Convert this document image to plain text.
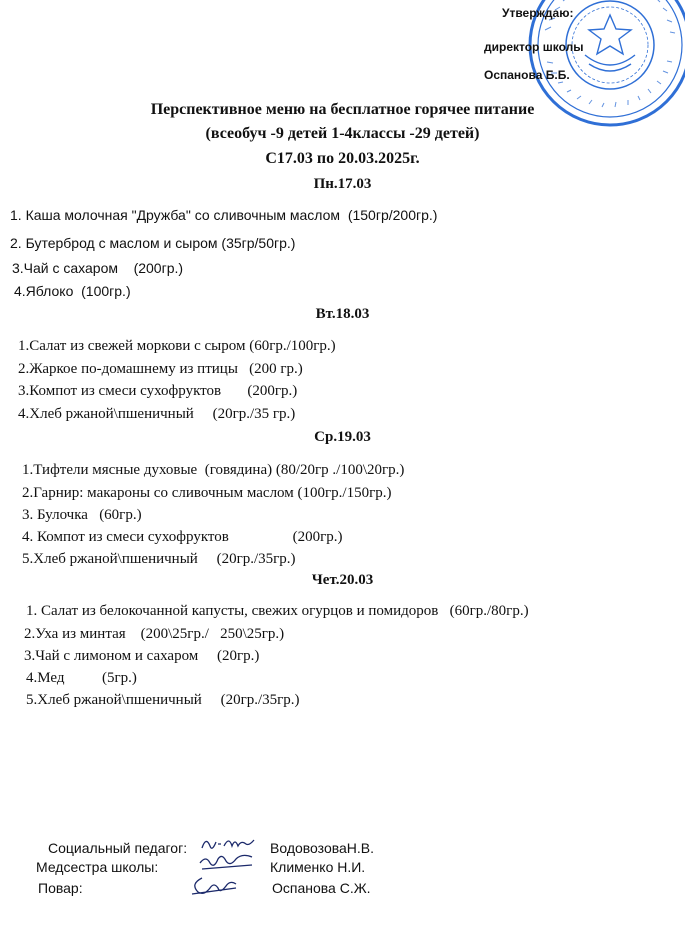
Утверждаю:
директор школы
Оспанова Б.Б.
Перспективное меню на бесплатное горячее питание
(всеобуч -9 детей 1-4классы -29 детей)
С17.03 по 20.03.2025г.
Пн.17.03
1. Каша молочная "Дружба" со сливочным маслом  (150гр/200гр.)
2. Бутерброд с маслом и сыром (35гр/50гр.)
3.Чай с сахаром    (200гр.)
4.Яблоко  (100гр.)
Вт.18.03
1.Салат из свежей моркови с сыром (60гр./100гр.)
2.Жаркое по-домашнему из птицы   (200 гр.)
3.Компот из смеси сухофруктов       (200гр.)
4.Хлеб ржаной\пшеничный     (20гр./35 гр.)
Ср.19.03
1.Тифтели мясные духовые  (говядина) (80/20гр ./100\20гр.)
2.Гарнир: макароны со сливочным маслом (100гр./150гр.)
3. Булочка   (60гр.)
4. Компот из смеси сухофруктов                 (200гр.)
5.Хлеб ржаной\пшеничный     (20гр./35гр.)
Чет.20.03
1. Салат из белокочанной капусты, свежих огурцов и помидоров   (60гр./80гр.)
2.Уха из минтая    (200\25гр./   250\25гр.)
3.Чай с лимоном и сахаром     (20гр.)
4.Мед          (5гр.)
5.Хлеб ржаной\пшеничный     (20гр./35гр.)
Социальный педагог:	ВодовозоваН.В.
Медсестра школы:	Клименко Н.И.
Повар:	Оспанова С.Ж.
